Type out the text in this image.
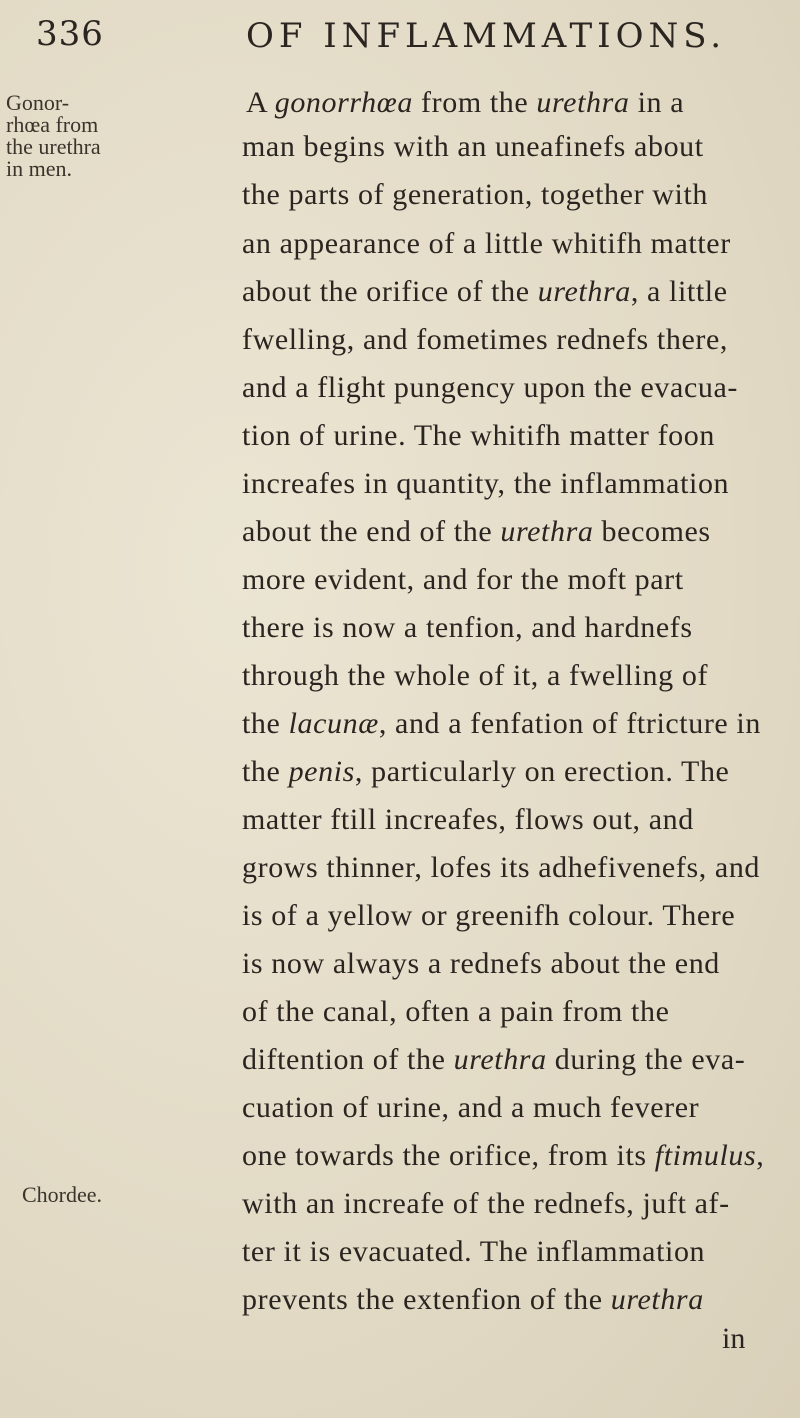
336	OF INFLAMMATIONS.
Gonor-
rhœa from
the urethra
in men.
Chordee.
A gonorrhœa from the urethra in a
man begins with an uneafinefs about
the parts of generation, together with
an appearance of a little whitifh matter
about the orifice of the urethra, a little
fwelling, and fometimes rednefs there,
and a flight pungency upon the evacua-
tion of urine. The whitifh matter foon
increafes in quantity, the inflammation
about the end of the urethra becomes
more evident, and for the moft part
there is now a tenfion, and hardnefs
through the whole of it, a fwelling of
the lacunæ, and a fenfation of ftricture in
the penis, particularly on erection. The
matter ftill increafes, flows out, and
grows thinner, lofes its adhefivenefs, and
is of a yellow or greenifh colour. There
is now always a rednefs about the end
of the canal, often a pain from the
diftention of the urethra during the eva-
cuation of urine, and a much feverer
one towards the orifice, from its ftimulus,
with an increafe of the rednefs, juft af-
ter it is evacuated. The inflammation
prevents the extenfion of the urethra
in
